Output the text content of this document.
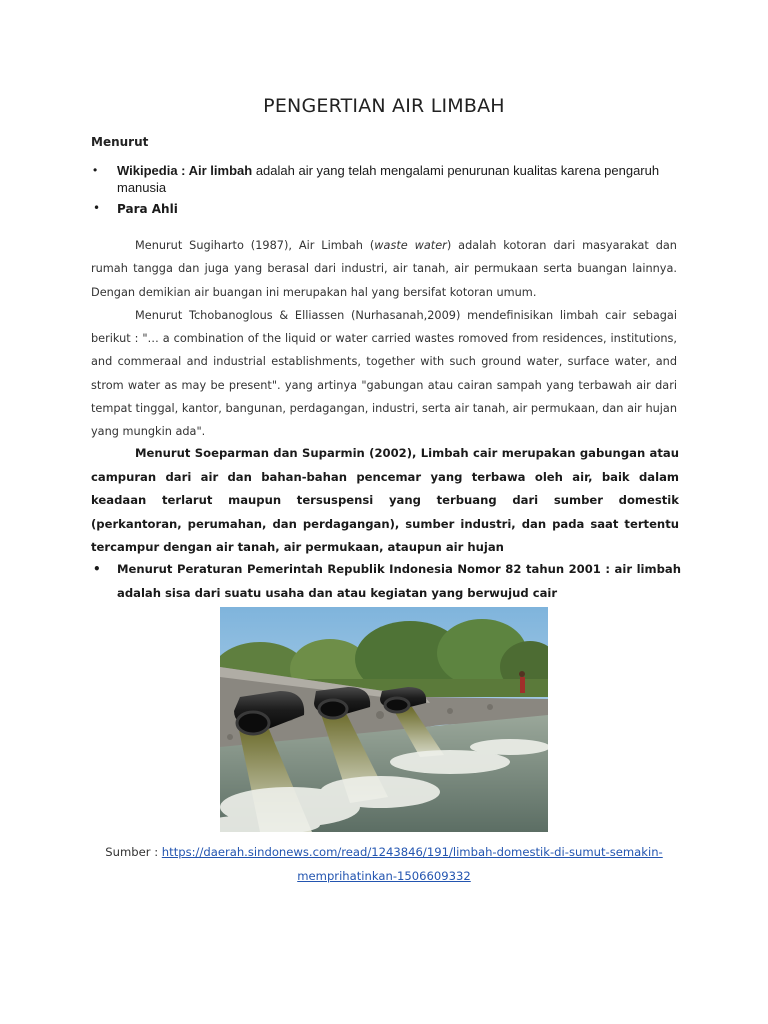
PENGERTIAN AIR LIMBAH
Menurut
• Wikipedia : Air limbah adalah air yang telah mengalami penurunan kualitas karena pengaruh manusia
• Para Ahli
Menurut Sugiharto (1987), Air Limbah (waste water) adalah kotoran dari masyarakat dan rumah tangga dan juga yang berasal dari industri, air tanah, air permukaan serta buangan lainnya. Dengan demikian air buangan ini merupakan hal yang bersifat kotoran umum.
Menurut Tchobanoglous & Elliassen (Nurhasanah,2009) mendefinisikan limbah cair sebagai berikut : "… a combination of the liquid or water carried wastes romoved from residences, institutions, and commeraal and industrial establishments, together with such ground water, surface water, and strom water as may be present". yang artinya "gabungan atau cairan sampah yang terbawah air dari tempat tinggal, kantor, bangunan, perdagangan, industri, serta air tanah, air permukaan, dan air hujan yang mungkin ada".
Menurut Soeparman dan Suparmin (2002), Limbah cair merupakan gabungan atau campuran dari air dan bahan-bahan pencemar yang terbawa oleh air, baik dalam keadaan terlarut maupun tersuspensi yang terbuang dari sumber domestik (perkantoran, perumahan, dan perdagangan), sumber industri, dan pada saat tertentu tercampur dengan air tanah, air permukaan, ataupun air hujan
• Menurut Peraturan Pemerintah Republik Indonesia Nomor 82 tahun 2001 : air limbah adalah sisa dari suatu usaha dan atau kegiatan yang berwujud cair
Sumber : https://daerah.sindonews.com/read/1243846/191/limbah-domestik-di-sumut-semakin-memprihatinkan-1506609332
